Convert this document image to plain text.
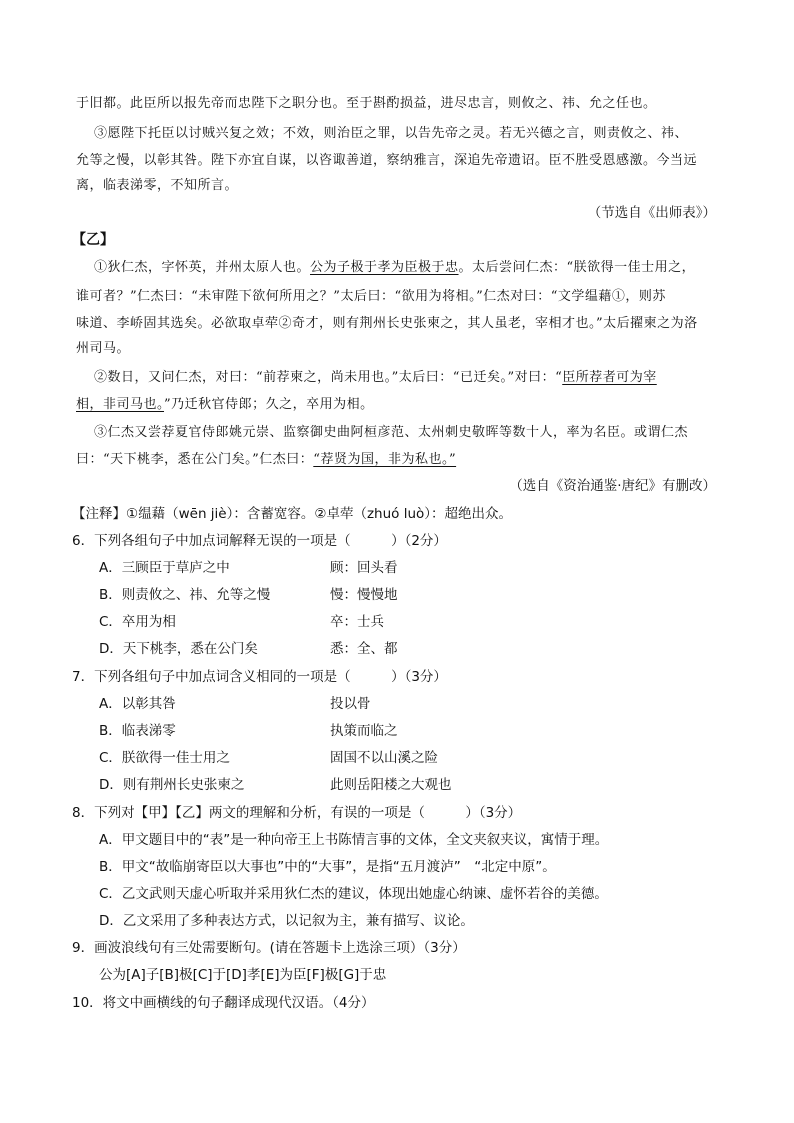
于旧都。此臣所以报先帝而忠陛下之职分也。至于斟酌损益，进尽忠言，则攸之、祎、允之任也。
③愿陛下托臣以讨贼兴复之效；不效，则治臣之罪，以告先帝之灵。若无兴德之言，则责攸之、祎、
允等之慢，以彰其咎。陛下亦宜自谋，以咨诹善道，察纳雅言，深追先帝遗诏。臣不胜受恩感激。今当远
离，临表涕零，不知所言。
（节选自《出师表》）
【乙】
①狄仁杰，字怀英，并州太原人也。公为子极于孝为臣极于忠。太后尝问仁杰：“朕欲得一佳士用之，
谁可者？”仁杰曰：“未审陛下欲何所用之？”太后曰：“欲用为将相。”仁杰对曰：“文学缊藉①，则苏
味道、李峤固其选矣。必欲取卓荦②奇才，则有荆州长史张柬之，其人虽老，宰相才也。”太后擢柬之为洛
州司马。
②数日，又问仁杰，对曰：“前荐柬之，尚未用也。”太后曰：“已迁矣。”对曰：“臣所荐者可为宰
相，非司马也。”乃迁秋官侍郎；久之，卒用为相。
③仁杰又尝荐夏官侍郎姚元崇、监察御史曲阿桓彦范、太州刺史敬晖等数十人，率为名臣。或谓仁杰
曰：“天下桃李，悉在公门矣。”仁杰曰：“荐贤为国，非为私也。”
（选自《资治通鉴·唐纪》有删改）
【注释】①缊藉（wēn jiè）：含蓄宽容。②卓荦（zhuó luò）：超绝出众。
6．下列各组句子中加点词解释无误的一项是（　　　）（2分）
A．三顾臣于草庐之中	顾：回头看
B．则责攸之、祎、允等之慢	慢：慢慢地
C．卒用为相	卒：士兵
D．天下桃李，悉在公门矣	悉：全、都
7．下列各组句子中加点词含义相同的一项是（　　　）（3分）
A．以彰其咎	投以骨
B．临表涕零	执策而临之
C．朕欲得一佳士用之	固国不以山溪之险
D．则有荆州长史张柬之	此则岳阳楼之大观也
8．下列对【甲】【乙】两文的理解和分析，有误的一项是（　　　）（3分）
A．甲文题目中的“表”是一种向帝王上书陈情言事的文体，全文夹叙夹议，寓情于理。
B．甲文“故临崩寄臣以大事也”中的“大事”，是指“五月渡泸”　“北定中原”。
C．乙文武则天虚心听取并采用狄仁杰的建议，体现出她虚心纳谏、虚怀若谷的美德。
D．乙文采用了多种表达方式，以记叙为主，兼有描写、议论。
9．画波浪线句有三处需要断句。(请在答题卡上选涂三项）（3分）
公为[A]子[B]极[C]于[D]孝[E]为臣[F]极[G]于忠
10．将文中画横线的句子翻译成现代汉语。（4分）
